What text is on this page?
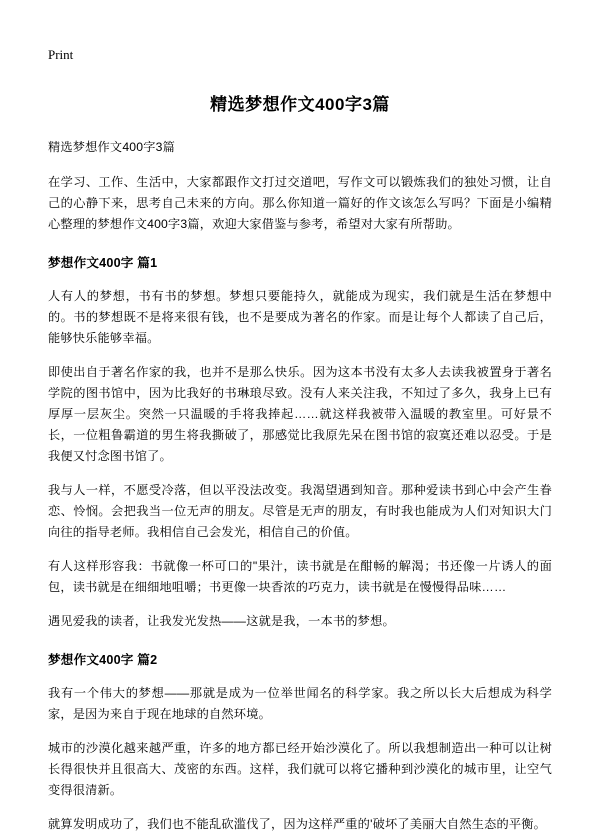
Print
精选梦想作文400字3篇

精选梦想作文400字3篇

在学习、工作、生活中，大家都跟作文打过交道吧，写作文可以锻炼我们的独处习惯，让自己的心静下来，思考自己未来的方向。那么你知道一篇好的作文该怎么写吗？下面是小编精心整理的梦想作文400字3篇，欢迎大家借鉴与参考，希望对大家有所帮助。

梦想作文400字 篇1

人有人的梦想，书有书的梦想。梦想只要能持久，就能成为现实，我们就是生活在梦想中的。书的梦想既不是将来很有钱，也不是要成为著名的作家。而是让每个人都读了自己后，能够快乐能够幸福。

即使出自于著名作家的我，也并不是那么快乐。因为这本书没有太多人去读我被置身于著名学院的图书馆中，因为比我好的书琳琅尽致。没有人来关注我，不知过了多久，我身上已有厚厚一层灰尘。突然一只温暖的手将我捧起……就这样我被带入温暖的教室里。可好景不长，一位粗鲁霸道的男生将我撕破了，那感觉比我原先呆在图书馆的寂寞还难以忍受。于是我便又忖念图书馆了。

我与人一样，不愿受冷落，但以平没法改变。我渴望遇到知音。那种爱读书到心中会产生眷恋、怜悯。会把我当一位无声的朋友。尽管是无声的朋友，有时我也能成为人们对知识大门向往的指导老师。我相信自己会发光，相信自己的价值。

有人这样形容我：书就像一杯可口的"果汁，读书就是在酣畅的解渴；书还像一片诱人的面包，读书就是在细细地咀嚼；书更像一块香浓的巧克力，读书就是在慢慢得品味……

遇见爱我的读者，让我发光发热——这就是我，一本书的梦想。

梦想作文400字 篇2

我有一个伟大的梦想——那就是成为一位举世闻名的科学家。我之所以长大后想成为科学家，是因为来自于现在地球的自然环境。

城市的沙漠化越来越严重，许多的地方都已经开始沙漠化了。所以我想制造出一种可以让树长得很快并且很高大、茂密的东西。这样，我们就可以将它播种到沙漠化的城市里，让空气变得很清新。

就算发明成功了，我们也不能乱砍滥伐了，因为这样严重的'破坏了美丽大自然生态的平衡。
